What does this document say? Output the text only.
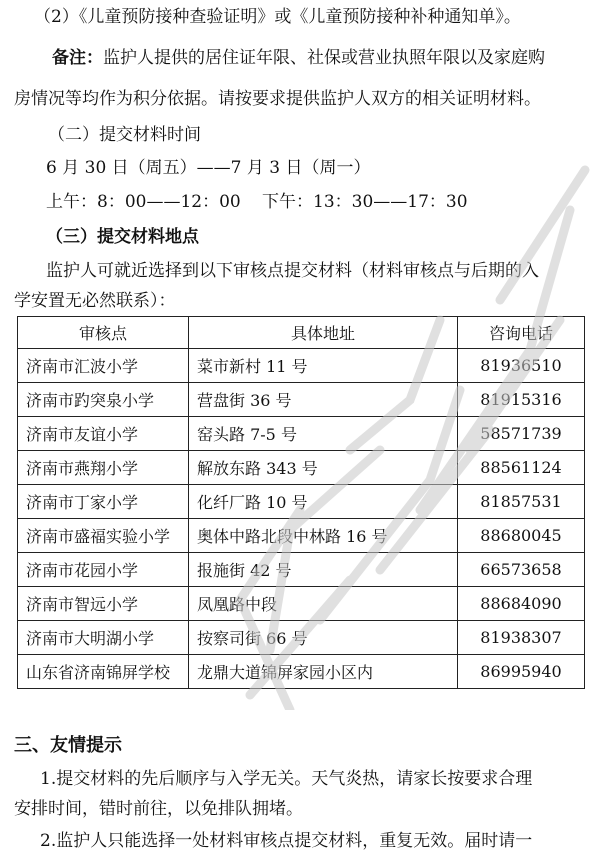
（2）《儿童预防接种查验证明》或《儿童预防接种补种通知单》。
备注：监护人提供的居住证年限、社保或营业执照年限以及家庭购
房情况等均作为积分依据。请按要求提供监护人双方的相关证明材料。
（二）提交材料时间
6 月 30 日（周五）——7 月 3 日（周一）
上午：8：00——12：00 下午：13：30——17：30
（三）提交材料地点
监护人可就近选择到以下审核点提交材料（材料审核点与后期的入
学安置无必然联系）：
审核点	具体地址	咨询电话
济南市汇波小学	菜市新村 11 号	81936510
济南市趵突泉小学	营盘街 36 号	81915316
济南市友谊小学	窑头路 7-5 号	58571739
济南市燕翔小学	解放东路 343 号	88561124
济南市丁家小学	化纤厂路 10 号	81857531
济南市盛福实验小学	奥体中路北段中林路 16 号	88680045
济南市花园小学	报施街 42 号	66573658
济南市智远小学	凤凰路中段	88684090
济南市大明湖小学	按察司街 66 号	81938307
山东省济南锦屏学校	龙鼎大道锦屏家园小区内	86995940
三、友情提示
1.提交材料的先后顺序与入学无关。天气炎热，请家长按要求合理
安排时间，错时前往，以免排队拥堵。
2.监护人只能选择一处材料审核点提交材料，重复无效。届时请一
